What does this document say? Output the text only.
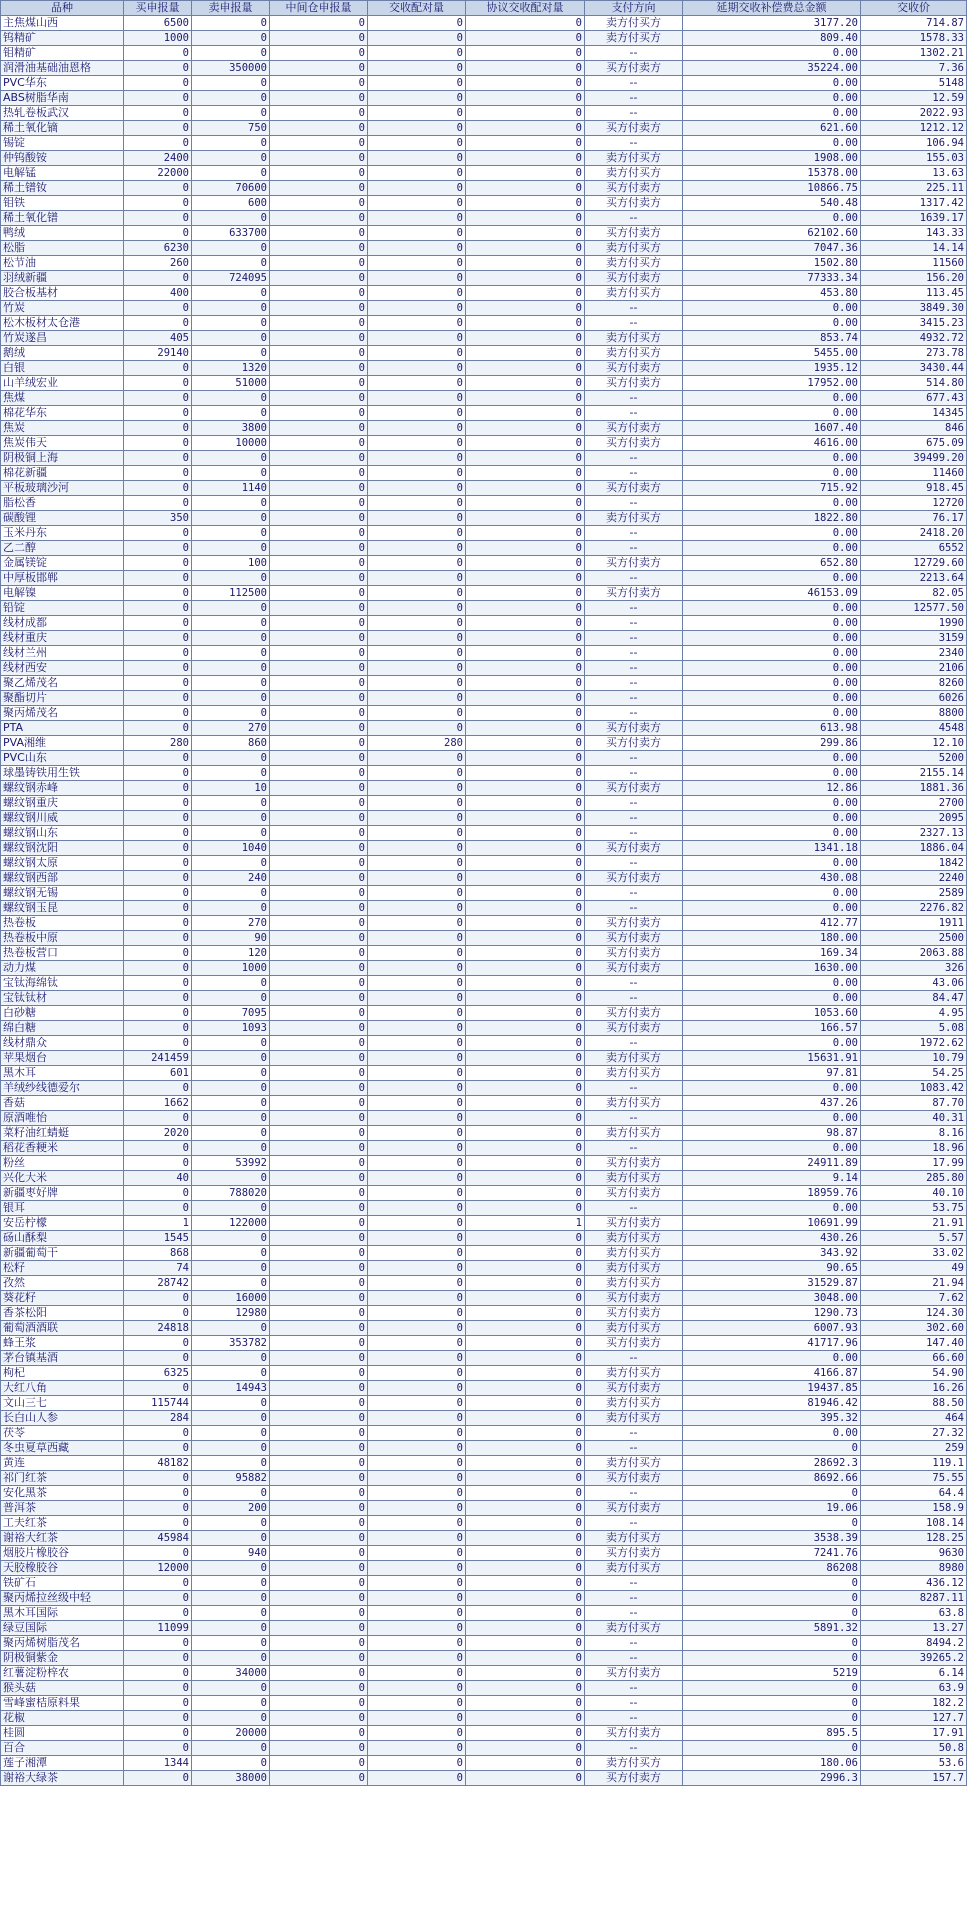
品种	买申报量	卖申报量	中间仓申报量	交收配对量	协议交收配对量	支付方向	延期交收补偿费总金额	交收价
主焦煤山西	6500	0	0	0	0	卖方付买方	3177.20	714.87
钨精矿	1000	0	0	0	0	卖方付买方	809.40	1578.33
钼精矿	0	0	0	0	0	--	0.00	1302.21
润滑油基础油恩格	0	350000	0	0	0	买方付卖方	35224.00	7.36
PVC华东	0	0	0	0	0	--	0.00	5148
ABS树脂华南	0	0	0	0	0	--	0.00	12.59
热轧卷板武汉	0	0	0	0	0	--	0.00	2022.93
稀土氧化镝	0	750	0	0	0	买方付卖方	621.60	1212.12
锡锭	0	0	0	0	0	--	0.00	106.94
仲钨酸铵	2400	0	0	0	0	卖方付买方	1908.00	155.03
电解锰	22000	0	0	0	0	卖方付买方	15378.00	13.63
稀土镨钕	0	70600	0	0	0	买方付卖方	10866.75	225.11
钼铁	0	600	0	0	0	买方付卖方	540.48	1317.42
稀土氧化镨	0	0	0	0	0	--	0.00	1639.17
鸭绒	0	633700	0	0	0	买方付卖方	62102.60	143.33
松脂	6230	0	0	0	0	卖方付买方	7047.36	14.14
松节油	260	0	0	0	0	卖方付买方	1502.80	11560
羽绒新疆	0	724095	0	0	0	买方付卖方	77333.34	156.20
胶合板基材	400	0	0	0	0	卖方付买方	453.80	113.45
竹炭	0	0	0	0	0	--	0.00	3849.30
松木板材太仓港	0	0	0	0	0	--	0.00	3415.23
竹炭遂昌	405	0	0	0	0	卖方付买方	853.74	4932.72
鹅绒	29140	0	0	0	0	卖方付买方	5455.00	273.78
白银	0	1320	0	0	0	买方付卖方	1935.12	3430.44
山羊绒宏业	0	51000	0	0	0	买方付卖方	17952.00	514.80
焦煤	0	0	0	0	0	--	0.00	677.43
棉花华东	0	0	0	0	0	--	0.00	14345
焦炭	0	3800	0	0	0	买方付卖方	1607.40	846
焦炭伟天	0	10000	0	0	0	买方付卖方	4616.00	675.09
阴极铜上海	0	0	0	0	0	--	0.00	39499.20
棉花新疆	0	0	0	0	0	--	0.00	11460
平板玻璃沙河	0	1140	0	0	0	买方付卖方	715.92	918.45
脂松香	0	0	0	0	0	--	0.00	12720
碳酸锂	350	0	0	0	0	卖方付买方	1822.80	76.17
玉米丹东	0	0	0	0	0	--	0.00	2418.20
乙二醇	0	0	0	0	0	--	0.00	6552
金属镁锭	0	100	0	0	0	买方付卖方	652.80	12729.60
中厚板邯郸	0	0	0	0	0	--	0.00	2213.64
电解镍	0	112500	0	0	0	买方付卖方	46153.09	82.05
铅锭	0	0	0	0	0	--	0.00	12577.50
线材成都	0	0	0	0	0	--	0.00	1990
线材重庆	0	0	0	0	0	--	0.00	3159
线材兰州	0	0	0	0	0	--	0.00	2340
线材西安	0	0	0	0	0	--	0.00	2106
聚乙烯茂名	0	0	0	0	0	--	0.00	8260
聚酯切片	0	0	0	0	0	--	0.00	6026
聚丙烯茂名	0	0	0	0	0	--	0.00	8800
PTA	0	270	0	0	0	买方付卖方	613.98	4548
PVA湘维	280	860	0	280	0	买方付卖方	299.86	12.10
PVC山东	0	0	0	0	0	--	0.00	5200
球墨铸铁用生铁	0	0	0	0	0	--	0.00	2155.14
螺纹钢赤峰	0	10	0	0	0	买方付卖方	12.86	1881.36
螺纹钢重庆	0	0	0	0	0	--	0.00	2700
螺纹钢川威	0	0	0	0	0	--	0.00	2095
螺纹钢山东	0	0	0	0	0	--	0.00	2327.13
螺纹钢沈阳	0	1040	0	0	0	买方付卖方	1341.18	1886.04
螺纹钢太原	0	0	0	0	0	--	0.00	1842
螺纹钢西部	0	240	0	0	0	买方付卖方	430.08	2240
螺纹钢无锡	0	0	0	0	0	--	0.00	2589
螺纹钢玉昆	0	0	0	0	0	--	0.00	2276.82
热卷板	0	270	0	0	0	买方付卖方	412.77	1911
热卷板中原	0	90	0	0	0	买方付卖方	180.00	2500
热卷板营口	0	120	0	0	0	买方付卖方	169.34	2063.88
动力煤	0	1000	0	0	0	买方付卖方	1630.00	326
宝钛海绵钛	0	0	0	0	0	--	0.00	43.06
宝钛钛材	0	0	0	0	0	--	0.00	84.47
白砂糖	0	7095	0	0	0	买方付卖方	1053.60	4.95
绵白糖	0	1093	0	0	0	买方付卖方	166.57	5.08
线材鼎众	0	0	0	0	0	--	0.00	1972.62
苹果烟台	241459	0	0	0	0	卖方付买方	15631.91	10.79
黑木耳	601	0	0	0	0	卖方付买方	97.81	54.25
羊绒纱线德爱尔	0	0	0	0	0	--	0.00	1083.42
香菇	1662	0	0	0	0	卖方付买方	437.26	87.70
原酒唯怡	0	0	0	0	0	--	0.00	40.31
菜籽油红蜻蜓	2020	0	0	0	0	卖方付买方	98.87	8.16
稻花香粳米	0	0	0	0	0	--	0.00	18.96
粉丝	0	53992	0	0	0	买方付卖方	24911.89	17.99
兴化大米	40	0	0	0	0	卖方付买方	9.14	285.80
新疆枣好牌	0	788020	0	0	0	买方付卖方	18959.76	40.10
银耳	0	0	0	0	0	--	0.00	53.75
安岳柠檬	1	122000	0	0	1	买方付卖方	10691.99	21.91
砀山酥梨	1545	0	0	0	0	卖方付买方	430.26	5.57
新疆葡萄干	868	0	0	0	0	卖方付买方	343.92	33.02
松籽	74	0	0	0	0	卖方付买方	90.65	49
孜然	28742	0	0	0	0	卖方付买方	31529.87	21.94
葵花籽	0	16000	0	0	0	买方付卖方	3048.00	7.62
香茶松阳	0	12980	0	0	0	买方付卖方	1290.73	124.30
葡萄酒酒联	24818	0	0	0	0	卖方付买方	6007.93	302.60
蜂王浆	0	353782	0	0	0	买方付卖方	41717.96	147.40
茅台镇基酒	0	0	0	0	0	--	0.00	66.60
枸杞	6325	0	0	0	0	卖方付买方	4166.87	54.90
大红八角	0	14943	0	0	0	买方付卖方	19437.85	16.26
文山三七	115744	0	0	0	0	卖方付买方	81946.42	88.50
长白山人参	284	0	0	0	0	卖方付买方	395.32	464
茯苓	0	0	0	0	0	--	0.00	27.32
冬虫夏草西藏	0	0	0	0	0	--	0	259
黄连	48182	0	0	0	0	卖方付买方	28692.3	119.1
祁门红茶	0	95882	0	0	0	买方付卖方	8692.66	75.55
安化黑茶	0	0	0	0	0	--	0	64.4
普洱茶	0	200	0	0	0	买方付卖方	19.06	158.9
工夫红茶	0	0	0	0	0	--	0	108.14
谢裕大红茶	45984	0	0	0	0	卖方付买方	3538.39	128.25
烟胶片橡胶谷	0	940	0	0	0	买方付卖方	7241.76	9630
天胶橡胶谷	12000	0	0	0	0	卖方付买方	86208	8980
铁矿石	0	0	0	0	0	--	0	436.12
聚丙烯拉丝级中轻	0	0	0	0	0	--	0	8287.11
黑木耳国际	0	0	0	0	0	--	0	63.8
绿豆国际	11099	0	0	0	0	卖方付买方	5891.32	13.27
聚丙烯树脂茂名	0	0	0	0	0	--	0	8494.2
阴极铜紫金	0	0	0	0	0	--	0	39265.2
红薯淀粉梓农	0	34000	0	0	0	买方付卖方	5219	6.14
猴头菇	0	0	0	0	0	--	0	63.9
雪峰蜜桔原料果	0	0	0	0	0	--	0	182.2
花椒	0	0	0	0	0	--	0	127.7
桂圆	0	20000	0	0	0	买方付卖方	895.5	17.91
百合	0	0	0	0	0	--	0	50.8
莲子湘潭	1344	0	0	0	0	卖方付买方	180.06	53.6
谢裕大绿茶	0	38000	0	0	0	买方付卖方	2996.3	157.7
